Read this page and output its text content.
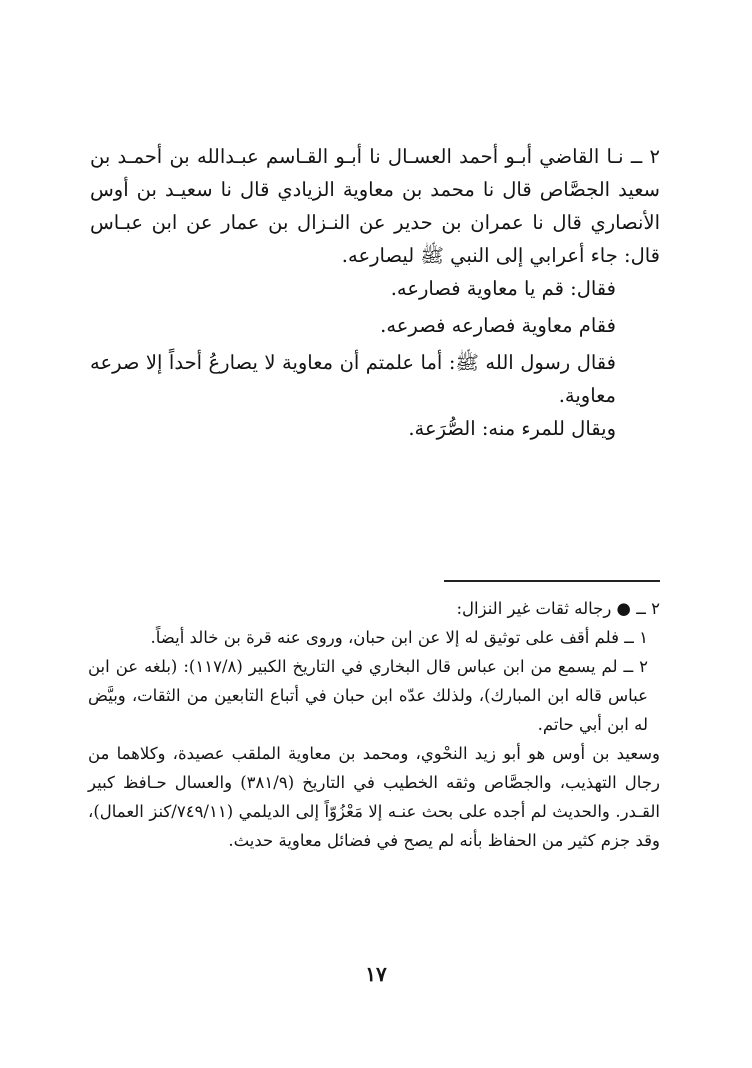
٢ ــ نـا القاضي أبـو أحمد العسـال نا أبـو القـاسم عبـدالله بن أحمـد بن سعيد الجصَّاص قال نا محمد بن معاوية الزيادي قال نا سعيـد بن أوس الأنصاري قال نا عمران بن حدير عن النـزال بن عمار عن ابن عبـاس قال: جاء أعرابي إلى النبي ﷺ ليصارعه.

فقال: قم يا معاوية فصارعه.

فقام معاوية فصارعه فصرعه.

فقال رسول الله ﷺ: أما علمتم أن معاوية لا يصارعُ أحداً إلا صرعه معاوية.

ويقال للمرء منه: الصُّرَعة.

٢ ــ ● رجاله ثقات غير النزال:

١ ــ فلم أقف على توثيق له إلا عن ابن حبان، وروى عنه قرة بن خالد أيضاً.

٢ ــ لم يسمع من ابن عباس قال البخاري في التاريخ الكبير (١١٧/٨): (بلغه عن ابن عباس قاله ابن المبارك)، ولذلك عدّه ابن حبان في أتباع التابعين من الثقات، وبيَّض له ابن أبي حاتم.

وسعيد بن أوس هو أبو زيد النحْوي، ومحمد بن معاوية الملقب عصيدة، وكلاهما من رجال التهذيب، والجصَّاص وثقه الخطيب في التاريخ (٣٨١/٩) والعسال حـافظ كبير القـدر. والحديث لم أجده على بحث عنـه إلا مَعْزُوّاً إلى الديلمي (٧٤٩/١١/كنز العمال)، وقد جزم كثير من الحفاظ بأنه لم يصح في فضائل معاوية حديث.

١٧
